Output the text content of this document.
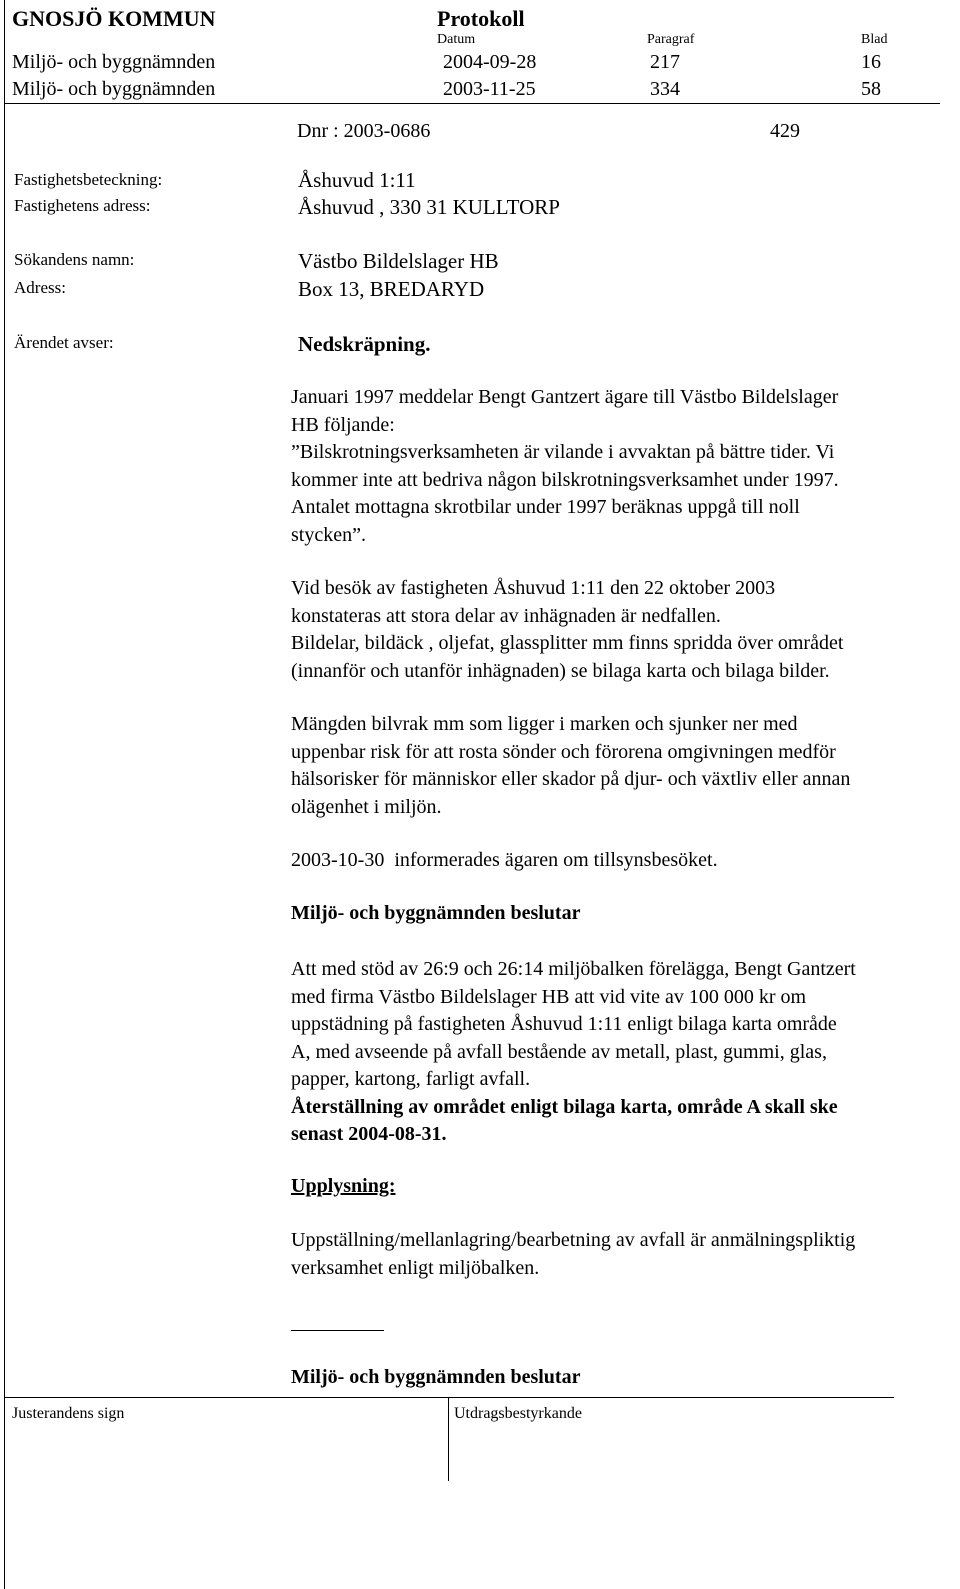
GNOSJÖ KOMMUN	Protokoll
Datum	Paragraf	Blad
Miljö- och byggnämnden	2004-09-28	217	16
Miljö- och byggnämnden	2003-11-25	334	58
Dnr : 2003-0686	429
Fastighetsbeteckning:	Åshuvud 1:11
Fastighetens adress:	Åshuvud , 330 31 KULLTORP
Sökandens namn:	Västbo Bildelslager HB
Adress:	Box 13, BREDARYD
Ärendet avser:	Nedskräpning.

Januari 1997 meddelar Bengt Gantzert ägare till Västbo Bildelslager

HB följande:

”Bilskrotningsverksamheten är vilande i avvaktan på bättre tider. Vi

kommer inte att bedriva någon bilskrotningsverksamhet under 1997.

Antalet mottagna skrotbilar under 1997 beräknas uppgå till noll

stycken”.

Vid besök av fastigheten Åshuvud 1:11 den 22 oktober 2003

konstateras att stora delar av inhägnaden är nedfallen.

Bildelar, bildäck , oljefat, glassplitter mm finns spridda över området

(innanför och utanför inhägnaden) se bilaga karta och bilaga bilder.

Mängden bilvrak mm som ligger i marken och sjunker ner med

uppenbar risk för att rosta sönder och förorena omgivningen medför

hälsorisker för människor eller skador på djur- och växtliv eller annan

olägenhet i miljön.

2003-10-30  informerades ägaren om tillsynsbesöket.

Miljö- och byggnämnden beslutar

Att med stöd av 26:9 och 26:14 miljöbalken förelägga, Bengt Gantzert

med firma Västbo Bildelslager HB att vid vite av 100 000 kr om

uppstädning på fastigheten Åshuvud 1:11 enligt bilaga karta område

A, med avseende på avfall bestående av metall, plast, gummi, glas,

papper, kartong, farligt avfall.

Återställning av området enligt bilaga karta, område A skall ske

senast 2004-08-31.

Upplysning:

Uppställning/mellanlagring/bearbetning av avfall är anmälningspliktig

verksamhet enligt miljöbalken.

Miljö- och byggnämnden beslutar

Justerandens sign	Utdragsbestyrkande
